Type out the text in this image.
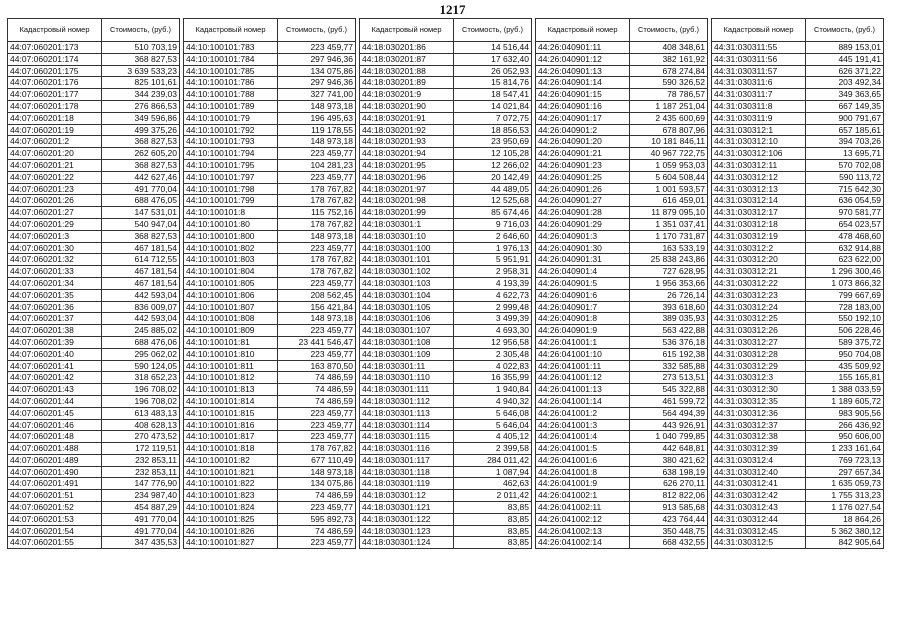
1217
Кадастровый номер	Стоимость, (руб.)
44:07:060201:173	510 703,19
44:07:060201:174	368 827,53
44:07:060201:175	3 639 533,23
44:07:060201:176	825 101,61
44:07:060201:177	344 239,03
44:07:060201:178	276 866,53
44:07:060201:18	349 596,86
44:07:060201:19	499 375,26
44:07:060201:2	368 827,53
44:07:060201:20	262 605,20
44:07:060201:21	368 827,53
44:07:060201:22	442 627,46
44:07:060201:23	491 770,04
44:07:060201:26	688 476,05
44:07:060201:27	147 531,01
44:07:060201:29	540 947,04
44:07:060201:3	368 827,53
44:07:060201:30	467 181,54
44:07:060201:32	614 712,55
44:07:060201:33	467 181,54
44:07:060201:34	467 181,54
44:07:060201:35	442 593,04
44:07:060201:36	836 009,07
44:07:060201:37	442 593,04
44:07:060201:38	245 885,02
44:07:060201:39	688 476,06
44:07:060201:40	295 062,02
44:07:060201:41	590 124,05
44:07:060201:42	318 652,23
44:07:060201:43	196 708,02
44:07:060201:44	196 708,02
44:07:060201:45	613 483,13
44:07:060201:46	408 628,13
44:07:060201:48	270 473,52
44:07:060201:488	172 119,51
44:07:060201:489	232 853,11
44:07:060201:490	232 853,11
44:07:060201:491	147 776,90
44:07:060201:51	234 987,40
44:07:060201:52	454 887,29
44:07:060201:53	491 770,04
44:07:060201:54	491 770,04
44:07:060201:55	347 435,53
Кадастровый номер	Стоимость, (руб.)
44:10:100101:783	223 459,77
44:10:100101:784	297 946,36
44:10:100101:785	134 075,86
44:10:100101:786	297 946,36
44:10:100101:788	327 741,00
44:10:100101:789	148 973,18
44:10:100101:79	196 495,63
44:10:100101:792	119 178,55
44:10:100101:793	148 973,18
44:10:100101:794	223 459,77
44:10:100101:795	104 281,23
44:10:100101:797	223 459,77
44:10:100101:798	178 767,82
44:10:100101:799	178 767,82
44:10:100101:8	115 752,16
44:10:100101:80	178 767,82
44:10:100101:800	148 973,18
44:10:100101:802	223 459,77
44:10:100101:803	178 767,82
44:10:100101:804	178 767,82
44:10:100101:805	223 459,77
44:10:100101:806	208 562,45
44:10:100101:807	156 421,84
44:10:100101:808	148 973,18
44:10:100101:809	223 459,77
44:10:100101:81	23 441 546,47
44:10:100101:810	223 459,77
44:10:100101:811	163 870,50
44:10:100101:812	74 486,59
44:10:100101:813	74 486,59
44:10:100101:814	74 486,59
44:10:100101:815	223 459,77
44:10:100101:816	223 459,77
44:10:100101:817	223 459,77
44:10:100101:818	178 767,82
44:10:100101:82	677 110,49
44:10:100101:821	148 973,18
44:10:100101:822	134 075,86
44:10:100101:823	74 486,59
44:10:100101:824	223 459,77
44:10:100101:825	595 892,73
44:10:100101:826	74 486,59
44:10:100101:827	223 459,77
Кадастровый номер	Стоимость, (руб.)
44:18:030201:86	14 516,44
44:18:030201:87	17 632,40
44:18:030201:88	26 052,93
44:18:030201:89	15 814,76
44:18:030201:9	18 547,41
44:18:030201:90	14 021,84
44:18:030201:91	7 072,75
44:18:030201:92	18 856,53
44:18:030201:93	23 950,69
44:18:030201:94	12 105,28
44:18:030201:95	12 266,02
44:18:030201:96	20 142,49
44:18:030201:97	44 489,05
44:18:030201:98	12 525,68
44:18:030201:99	85 674,46
44:18:030301:1	9 716,03
44:18:030301:10	2 646,60
44:18:030301:100	1 976,13
44:18:030301:101	5 951,91
44:18:030301:102	2 958,31
44:18:030301:103	4 193,39
44:18:030301:104	4 622,73
44:18:030301:105	2 999,48
44:18:030301:106	3 499,39
44:18:030301:107	4 693,30
44:18:030301:108	12 956,58
44:18:030301:109	2 305,48
44:18:030301:11	4 022,83
44:18:030301:110	16 355,99
44:18:030301:111	1 940,84
44:18:030301:112	4 940,32
44:18:030301:113	5 646,08
44:18:030301:114	5 646,04
44:18:030301:115	4 405,12
44:18:030301:116	2 399,58
44:18:030301:117	284 011,42
44:18:030301:118	1 087,94
44:18:030301:119	462,63
44:18:030301:12	2 011,42
44:18:030301:121	83,85
44:18:030301:122	83,85
44:18:030301:123	83,85
44:18:030301:124	83,85
Кадастровый номер	Стоимость, (руб.)
44:26:040901:11	408 348,61
44:26:040901:12	382 161,92
44:26:040901:13	678 274,84
44:26:040901:14	590 326,52
44:26:040901:15	78 786,57
44:26:040901:16	1 187 251,04
44:26:040901:17	2 435 600,69
44:26:040901:2	678 807,96
44:26:040901:20	10 181 846,11
44:26:040901:21	40 967 722,75
44:26:040901:23	1 059 953,03
44:26:040901:25	5 604 508,44
44:26:040901:26	1 001 593,57
44:26:040901:27	616 459,01
44:26:040901:28	11 879 095,10
44:26:040901:29	1 351 037,41
44:26:040901:3	1 170 731,87
44:26:040901:30	163 533,19
44:26:040901:31	25 838 243,86
44:26:040901:4	727 628,95
44:26:040901:5	1 956 353,66
44:26:040901:6	26 726,14
44:26:040901:7	393 618,60
44:26:040901:8	389 035,93
44:26:040901:9	563 422,88
44:26:041001:1	536 376,18
44:26:041001:10	615 192,38
44:26:041001:11	332 585,88
44:26:041001:12	273 513,51
44:26:041001:13	545 322,88
44:26:041001:14	461 599,72
44:26:041001:2	564 494,39
44:26:041001:3	443 926,91
44:26:041001:4	1 040 799,85
44:26:041001:5	442 648,81
44:26:041001:6	380 421,62
44:26:041001:8	638 198,19
44:26:041001:9	626 270,11
44:26:041002:1	812 822,06
44:26:041002:11	913 585,68
44:26:041002:12	423 764,44
44:26:041002:13	350 448,75
44:26:041002:14	668 432,55
Кадастровый номер	Стоимость, (руб.)
44:31:030311:55	889 153,01
44:31:030311:56	445 191,41
44:31:030311:57	626 371,22
44:31:030311:6	203 492,34
44:31:030311:7	349 363,65
44:31:030311:8	667 149,35
44:31:030311:9	900 791,67
44:31:030312:1	657 185,61
44:31:030312:10	394 703,26
44:31:030312:106	13 695,71
44:31:030312:11	570 702,08
44:31:030312:12	590 113,72
44:31:030312:13	715 642,30
44:31:030312:14	636 054,59
44:31:030312:17	970 581,77
44:31:030312:18	654 023,57
44:31:030312:19	478 468,60
44:31:030312:2	632 914,88
44:31:030312:20	623 622,00
44:31:030312:21	1 296 300,46
44:31:030312:22	1 073 866,32
44:31:030312:23	799 667,69
44:31:030312:24	728 183,00
44:31:030312:25	550 192,10
44:31:030312:26	506 228,46
44:31:030312:27	589 375,72
44:31:030312:28	950 704,08
44:31:030312:29	435 509,92
44:31:030312:3	155 165,81
44:31:030312:30	1 388 033,59
44:31:030312:35	1 189 605,72
44:31:030312:36	983 905,56
44:31:030312:37	266 436,92
44:31:030312:38	950 606,00
44:31:030312:39	1 233 161,64
44:31:030312:4	769 723,13
44:31:030312:40	297 657,34
44:31:030312:41	1 635 059,73
44:31:030312:42	1 755 313,23
44:31:030312:43	1 176 027,54
44:31:030312:44	18 864,26
44:31:030312:45	5 362 380,12
44:31:030312:5	842 905,64
